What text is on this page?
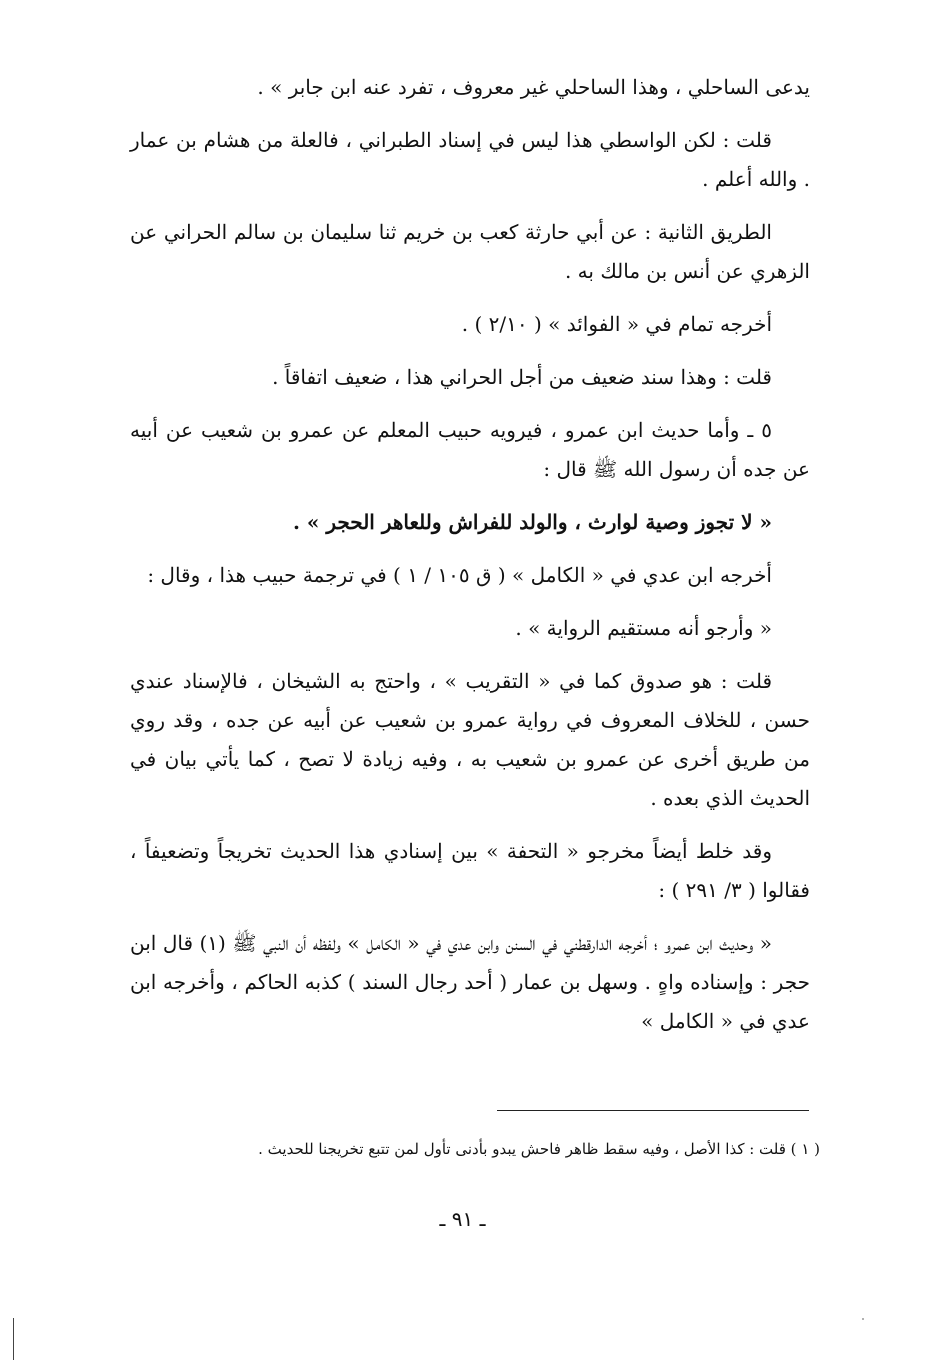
يدعى الساحلي ، وهذا الساحلي غير معروف ، تفرد عنه ابن جابر » .

قلت : لكن الواسطي هذا ليس في إسناد الطبراني ، فالعلة من هشام بن عمار . والله أعلم .

الطريق الثانية : عن أبي حارثة كعب بن خريم ثنا سليمان بن سالم الحراني عن الزهري عن أنس بن مالك به .

أخرجه تمام في « الفوائد » ( ٢/١٠ ) .

قلت : وهذا سند ضعيف من أجل الحراني هذا ، ضعيف اتفاقاً .

٥ ـ وأما حديث ابن عمرو ، فيرويه حبيب المعلم عن عمرو بن شعيب عن أبيه عن جده أن رسول الله ﷺ قال :

« لا تجوز وصية لوارث ، والولد للفراش وللعاهر الحجر » .

أخرجه ابن عدي في « الكامل » ( ق ١٠٥ / ١ ) في ترجمة حبيب هذا ، وقال :

« وأرجو أنه مستقيم الرواية » .

قلت : هو صدوق كما في « التقريب » ، واحتج به الشيخان ، فالإسناد عندي حسن ، للخلاف المعروف في رواية عمرو بن شعيب عن أبيه عن جده ، وقد روي من طريق أخرى عن عمرو بن شعيب به ، وفيه زيادة لا تصح ، كما يأتي بيان في الحديث الذي بعده .

وقد خلط أيضاً مخرجو « التحفة » بين إسنادي هذا الحديث تخريجاً وتضعيفاً ، فقالوا ( ٣/ ٢٩١ ) :

« وحديث ابن عمرو ؛ أخرجه الدارقطني في السنن وابن عدي في « الكامل » ولفظه أن النبي ﷺ (١) قال ابن حجر : وإسناده واهٍ . وسهل بن عمار ( أحد رجال السند ) كذبه الحاكم ، وأخرجه ابن عدي في « الكامل »

( ١ ) قلت : كذا الأصل ، وفيه سقط ظاهر فاحش يبدو بأدنى تأول لمن تتبع تخريجنا للحديث .
ـ ٩١ ـ
